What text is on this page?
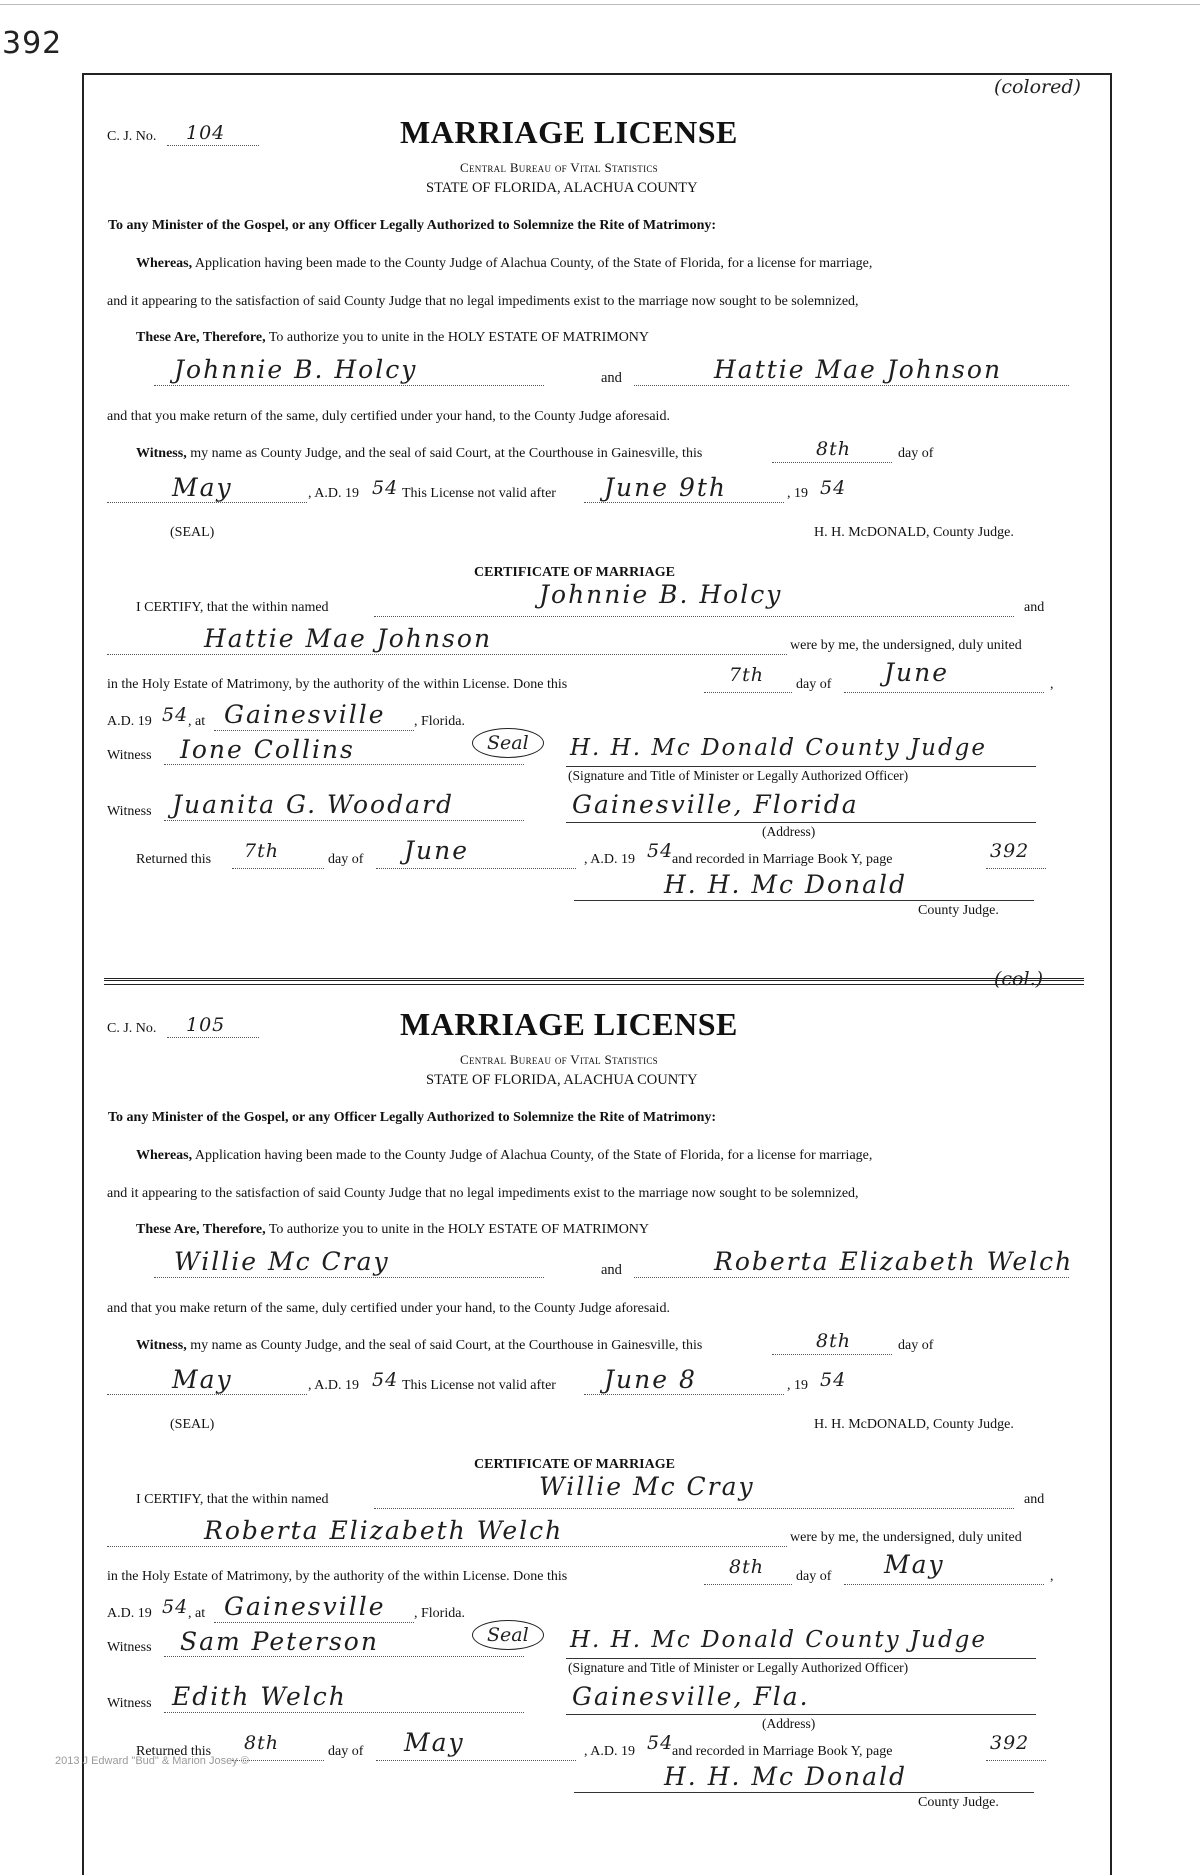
392
(colored)
C. J. No. 104	MARRIAGE LICENSE
Central Bureau of Vital Statistics
STATE OF FLORIDA, ALACHUA COUNTY
To any Minister of the Gospel, or any Officer Legally Authorized to Solemnize the Rite of Matrimony:
Whereas, Application having been made to the County Judge of Alachua County, of the State of Florida, for a license for marriage,
and it appearing to the satisfaction of said County Judge that no legal impediments exist to the marriage now sought to be solemnized,
These Are, Therefore, To authorize you to unite in the HOLY ESTATE OF MATRIMONY
Johnnie B. Holcy	and	Hattie Mae Johnson
and that you make return of the same, duly certified under your hand, to the County Judge aforesaid.
Witness, my name as County Judge, and the seal of said Court, at the Courthouse in Gainesville, this	8th	day of
May	, A.D. 19 54 This License not valid after June 9th	, 19 54
(SEAL)	H. H. McDONALD, County Judge.
CERTIFICATE OF MARRIAGE
I CERTIFY, that the within named	Johnnie B. Holcy	and
Hattie Mae Johnson	were by me, the undersigned, duly united
in the Holy Estate of Matrimony, by the authority of the within License. Done this	7th day of June	,
A.D. 19 54 , at Gainesville , Florida.
Witness Ione Collins	Seal	H. H. Mc Donald County Judge
(Signature and Title of Minister or Legally Authorized Officer)
Witness Juanita G. Woodard	Gainesville, Florida
(Address)
Returned this 7th	day of June	, A.D. 19 54
and recorded in Marriage Book Y, page	392
H. H. Mc Donald
County Judge.
(col.)
C. J. No. 105	MARRIAGE LICENSE
Central Bureau of Vital Statistics
STATE OF FLORIDA, ALACHUA COUNTY
To any Minister of the Gospel, or any Officer Legally Authorized to Solemnize the Rite of Matrimony:
Whereas, Application having been made to the County Judge of Alachua County, of the State of Florida, for a license for marriage,
and it appearing to the satisfaction of said County Judge that no legal impediments exist to the marriage now sought to be solemnized,
These Are, Therefore, To authorize you to unite in the HOLY ESTATE OF MATRIMONY
Willie Mc Cray	and	Roberta Elizabeth Welch
and that you make return of the same, duly certified under your hand, to the County Judge aforesaid.
Witness, my name as County Judge, and the seal of said Court, at the Courthouse in Gainesville, this	8th	day of
May	, A.D. 19 54 This License not valid after June 8	, 19 54
(SEAL)	H. H. McDONALD, County Judge.
CERTIFICATE OF MARRIAGE
I CERTIFY, that the within named	Willie Mc Cray	and
Roberta Elizabeth Welch	were by me, the undersigned, duly united
in the Holy Estate of Matrimony, by the authority of the within License. Done this	8th day of May	,
A.D. 19 54 , at Gainesville , Florida.
Witness Sam Peterson	Seal	H. H. Mc Donald County Judge
(Signature and Title of Minister or Legally Authorized Officer)
Witness Edith Welch	Gainesville, Fla.
(Address)
Returned this 8th	day of May	, A.D. 19 54
and recorded in Marriage Book Y, page	392
H. H. Mc Donald
County Judge.
2013 J Edward "Bud" & Marion Josey ©
